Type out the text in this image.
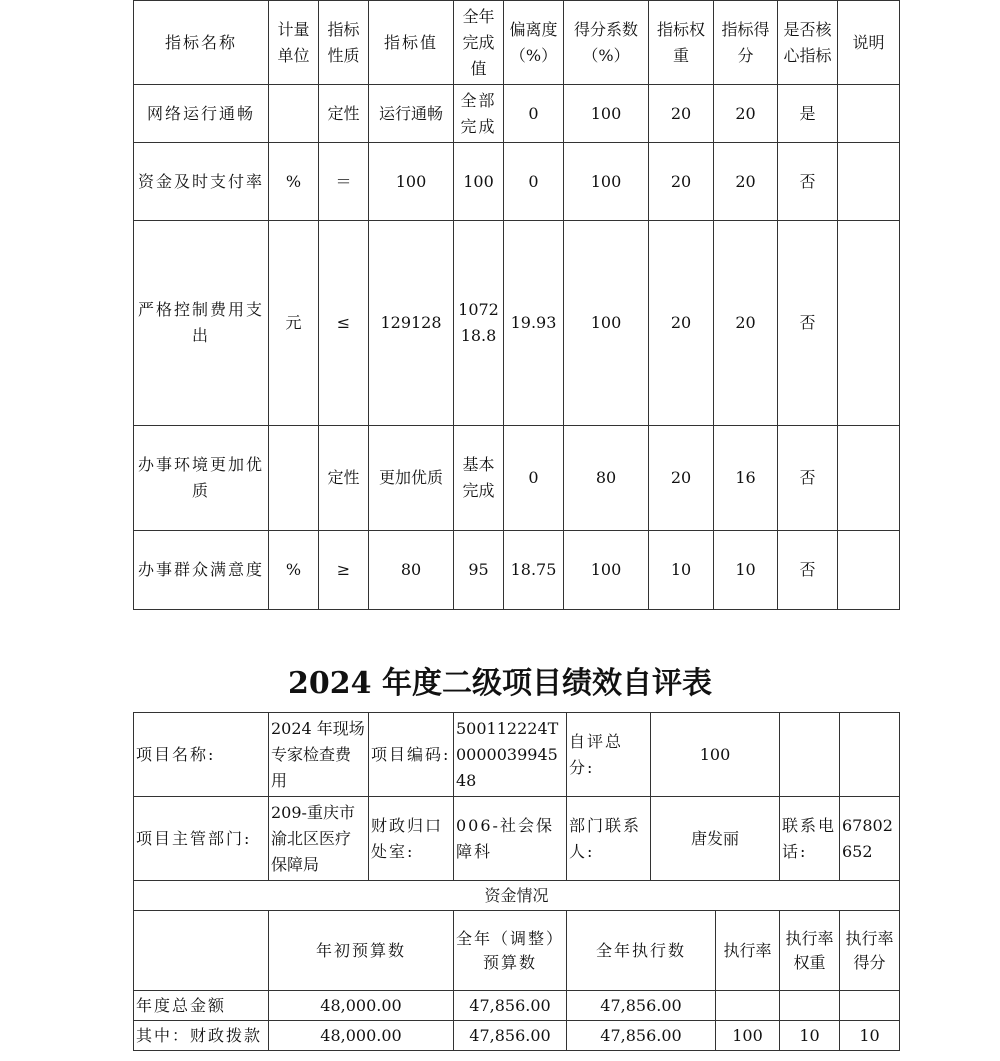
指标名称	计量单位	指标性质	指标值	全年完成值	偏离度（%）	得分系数（%）	指标权重	指标得分	是否核心指标	说明
网络运行通畅		定性	运行通畅	全部完成	0	100	20	20	是	
资金及时支付率	%	＝	100	100	0	100	20	20	否	
严格控制费用支出	元	≤	129128	107218.8	19.93	100	20	20	否	
办事环境更加优质		定性	更加优质	基本完成	0	80	20	16	否	
办事群众满意度	%	≥	80	95	18.75	100	10	10	否	
2024 年度二级项目绩效自评表
项目名称:	2024 年现场专家检查费用	项目编码:	500112224T000003994548	自评总分:	100		
项目主管部门:	209-重庆市渝北区医疗保障局	财政归口处室:	006-社会保障科	部门联系人:	唐发丽	联系电话:	67802652
资金情况							
	年初预算数	全年（调整）预算数	全年执行数	执行率	执行率权重	执行率得分
年度总金额	48,000.00	47,856.00	47,856.00			
其中：财政拨款	48,000.00	47,856.00	47,856.00	100	10	10
